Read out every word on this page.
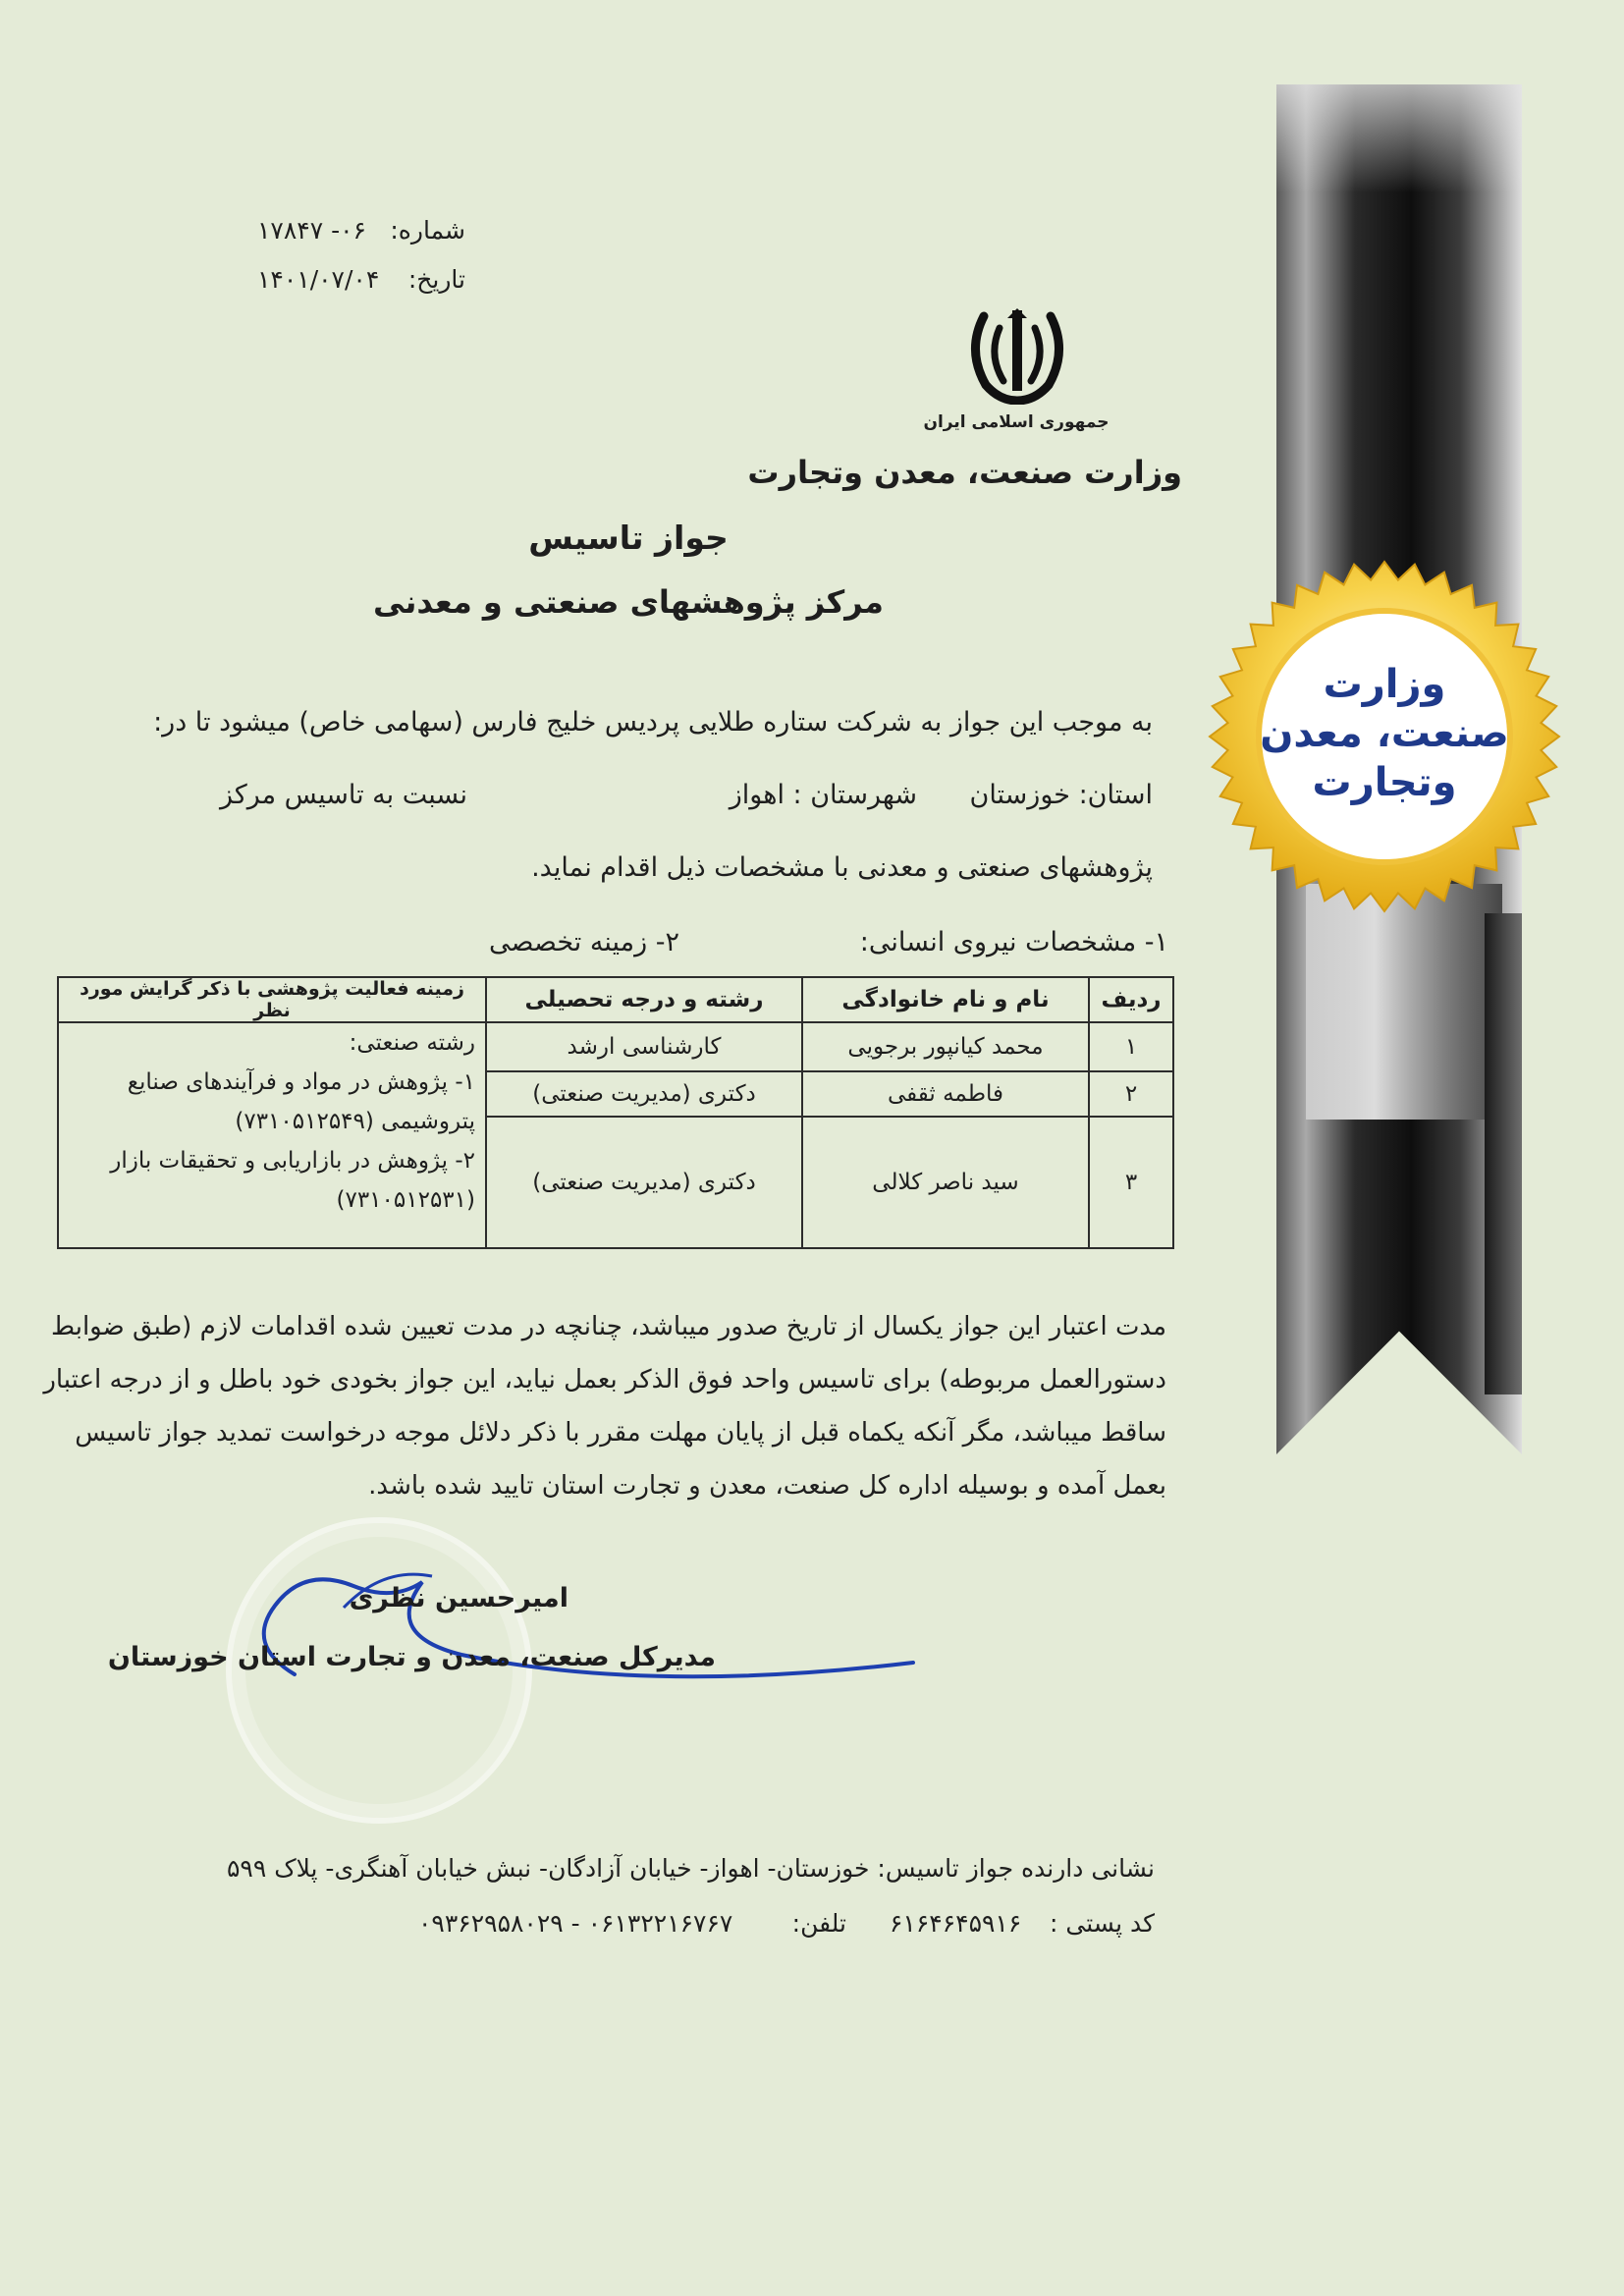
وزارت
صنعت، معدن
وتجارت
شماره:
۱۷۸۴۷ -۰۶
تاریخ:
۱۴۰۱/۰۷/۰۴
جمهوری اسلامی ایران
وزارت صنعت، معدن وتجارت
جواز تاسیس
مرکز پژوهشهای صنعتی و معدنی
به موجب این جواز به شرکت ستاره طلایی پردیس خلیج فارس (سهامی خاص) میشود تا در:
استان: خوزستان
شهرستان : اهواز
نسبت به تاسیس مرکز
پژوهشهای صنعتی و معدنی با مشخصات ذیل اقدام نماید.
۱- مشخصات نیروی انسانی:
۲- زمینه تخصصی
ردیف	نام و نام خانوادگی	رشته و درجه تحصیلی	زمینه فعالیت پژوهشی با ذکر گرایش مورد نظر
۱	محمد کیانپور برجویی	کارشناسی ارشد	رشته صنعتی:
۱- پژوهش در مواد و فرآیندهای صنایع
پتروشیمی (۷۳۱۰۵۱۲۵۴۹)
۲- پژوهش در بازاریابی و تحقیقات بازار
(۷۳۱۰۵۱۲۵۳۱)

۲	فاطمه ثقفی	دکتری (مدیریت صنعتی)	
۳	سید ناصر کلالی	دکتری (مدیریت صنعتی)	
مدت اعتبار این جواز یکسال از تاریخ صدور میباشد، چنانچه در مدت تعیین شده اقدامات لازم (طبق ضوابط
دستورالعمل مربوطه) برای تاسیس واحد فوق الذکر بعمل نیاید، این جواز بخودی خود باطل و از درجه اعتبار
ساقط میباشد، مگر آنکه یکماه قبل از پایان مهلت مقرر با ذکر دلائل موجه درخواست تمدید جواز تاسیس
بعمل آمده و بوسیله اداره کل صنعت، معدن و تجارت استان تایید شده باشد.
امیرحسین نظری
مدیرکل صنعت، معدن و تجارت استان خوزستان
نشانی دارنده جواز تاسیس: خوزستان- اهواز- خیابان آزادگان- نبش خیابان آهنگری- پلاک ۵۹۹
کد پستی :
۶۱۶۴۶۴۵۹۱۶
تلفن:
۰۹۳۶۲۹۵۸۰۲۹ - ۰۶۱۳۲۲۱۶۷۶۷
